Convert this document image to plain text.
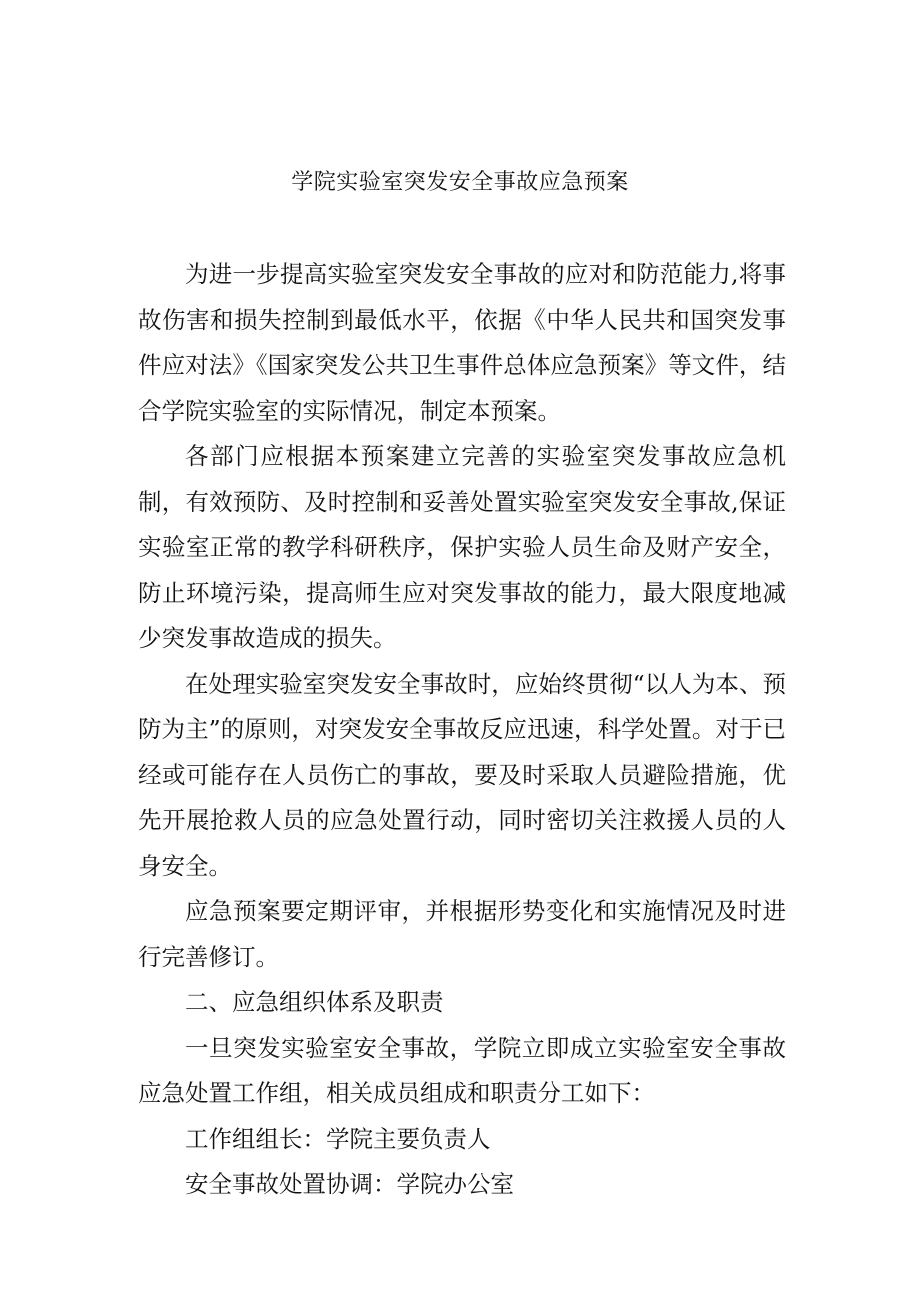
学院实验室突发安全事故应急预案

为进一步提高实验室突发安全事故的应对和防范能力,将事故伤害和损失控制到最低水平，依据《中华人民共和国突发事件应对法》《国家突发公共卫生事件总体应急预案》等文件，结合学院实验室的实际情况，制定本预案。

各部门应根据本预案建立完善的实验室突发事故应急机制，有效预防、及时控制和妥善处置实验室突发安全事故,保证实验室正常的教学科研秩序，保护实验人员生命及财产安全，防止环境污染，提高师生应对突发事故的能力，最大限度地减少突发事故造成的损失。

在处理实验室突发安全事故时，应始终贯彻“以人为本、预防为主”的原则，对突发安全事故反应迅速，科学处置。对于已经或可能存在人员伤亡的事故，要及时采取人员避险措施，优先开展抢救人员的应急处置行动，同时密切关注救援人员的人身安全。

应急预案要定期评审，并根据形势变化和实施情况及时进行完善修订。

二、应急组织体系及职责

一旦突发实验室安全事故，学院立即成立实验室安全事故应急处置工作组，相关成员组成和职责分工如下：

工作组组长：学院主要负责人

安全事故处置协调：学院办公室
